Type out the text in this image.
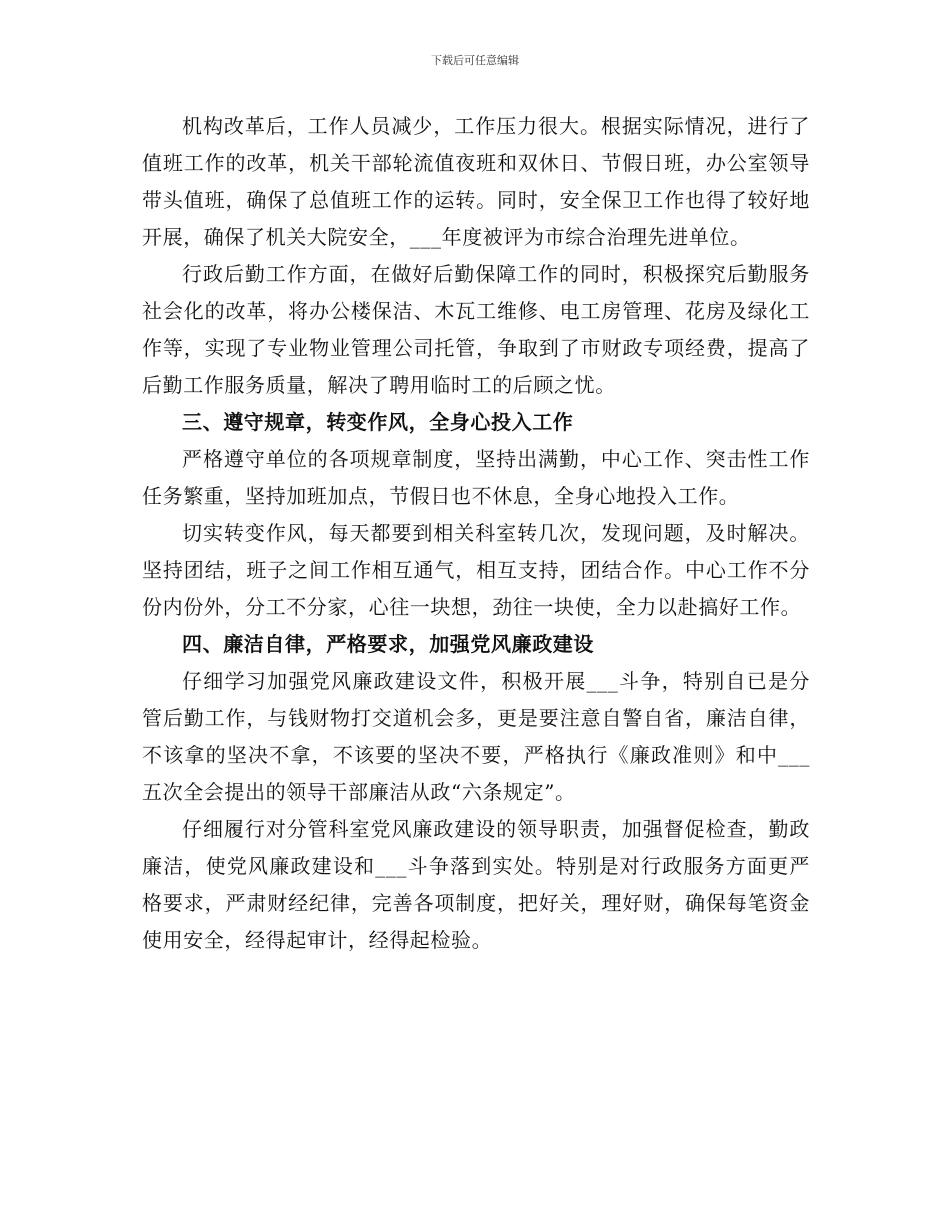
下载后可任意编辑

机构改革后，工作人员减少，工作压力很大。根据实际情况，进行了值班工作的改革，机关干部轮流值夜班和双休日、节假日班，办公室领导带头值班，确保了总值班工作的运转。同时，安全保卫工作也得了较好地开展，确保了机关大院安全，___年度被评为市综合治理先进单位。

行政后勤工作方面，在做好后勤保障工作的同时，积极探究后勤服务社会化的改革，将办公楼保洁、木瓦工维修、电工房管理、花房及绿化工作等，实现了专业物业管理公司托管，争取到了市财政专项经费，提高了后勤工作服务质量，解决了聘用临时工的后顾之忧。

三、遵守规章，转变作风，全身心投入工作

严格遵守单位的各项规章制度，坚持出满勤，中心工作、突击性工作任务繁重，坚持加班加点，节假日也不休息，全身心地投入工作。

切实转变作风，每天都要到相关科室转几次，发现问题，及时解决。坚持团结，班子之间工作相互通气，相互支持，团结合作。中心工作不分份内份外，分工不分家，心往一块想，劲往一块使，全力以赴搞好工作。

四、廉洁自律，严格要求，加强党风廉政建设

仔细学习加强党风廉政建设文件，积极开展___斗争，特别自已是分管后勤工作，与钱财物打交道机会多，更是要注意自警自省，廉洁自律，不该拿的坚决不拿，不该要的坚决不要，严格执行《廉政准则》和中___五次全会提出的领导干部廉洁从政“六条规定”。

仔细履行对分管科室党风廉政建设的领导职责，加强督促检查，勤政廉洁，使党风廉政建设和___斗争落到实处。特别是对行政服务方面更严格要求，严肃财经纪律，完善各项制度，把好关，理好财，确保每笔资金使用安全，经得起审计，经得起检验。
